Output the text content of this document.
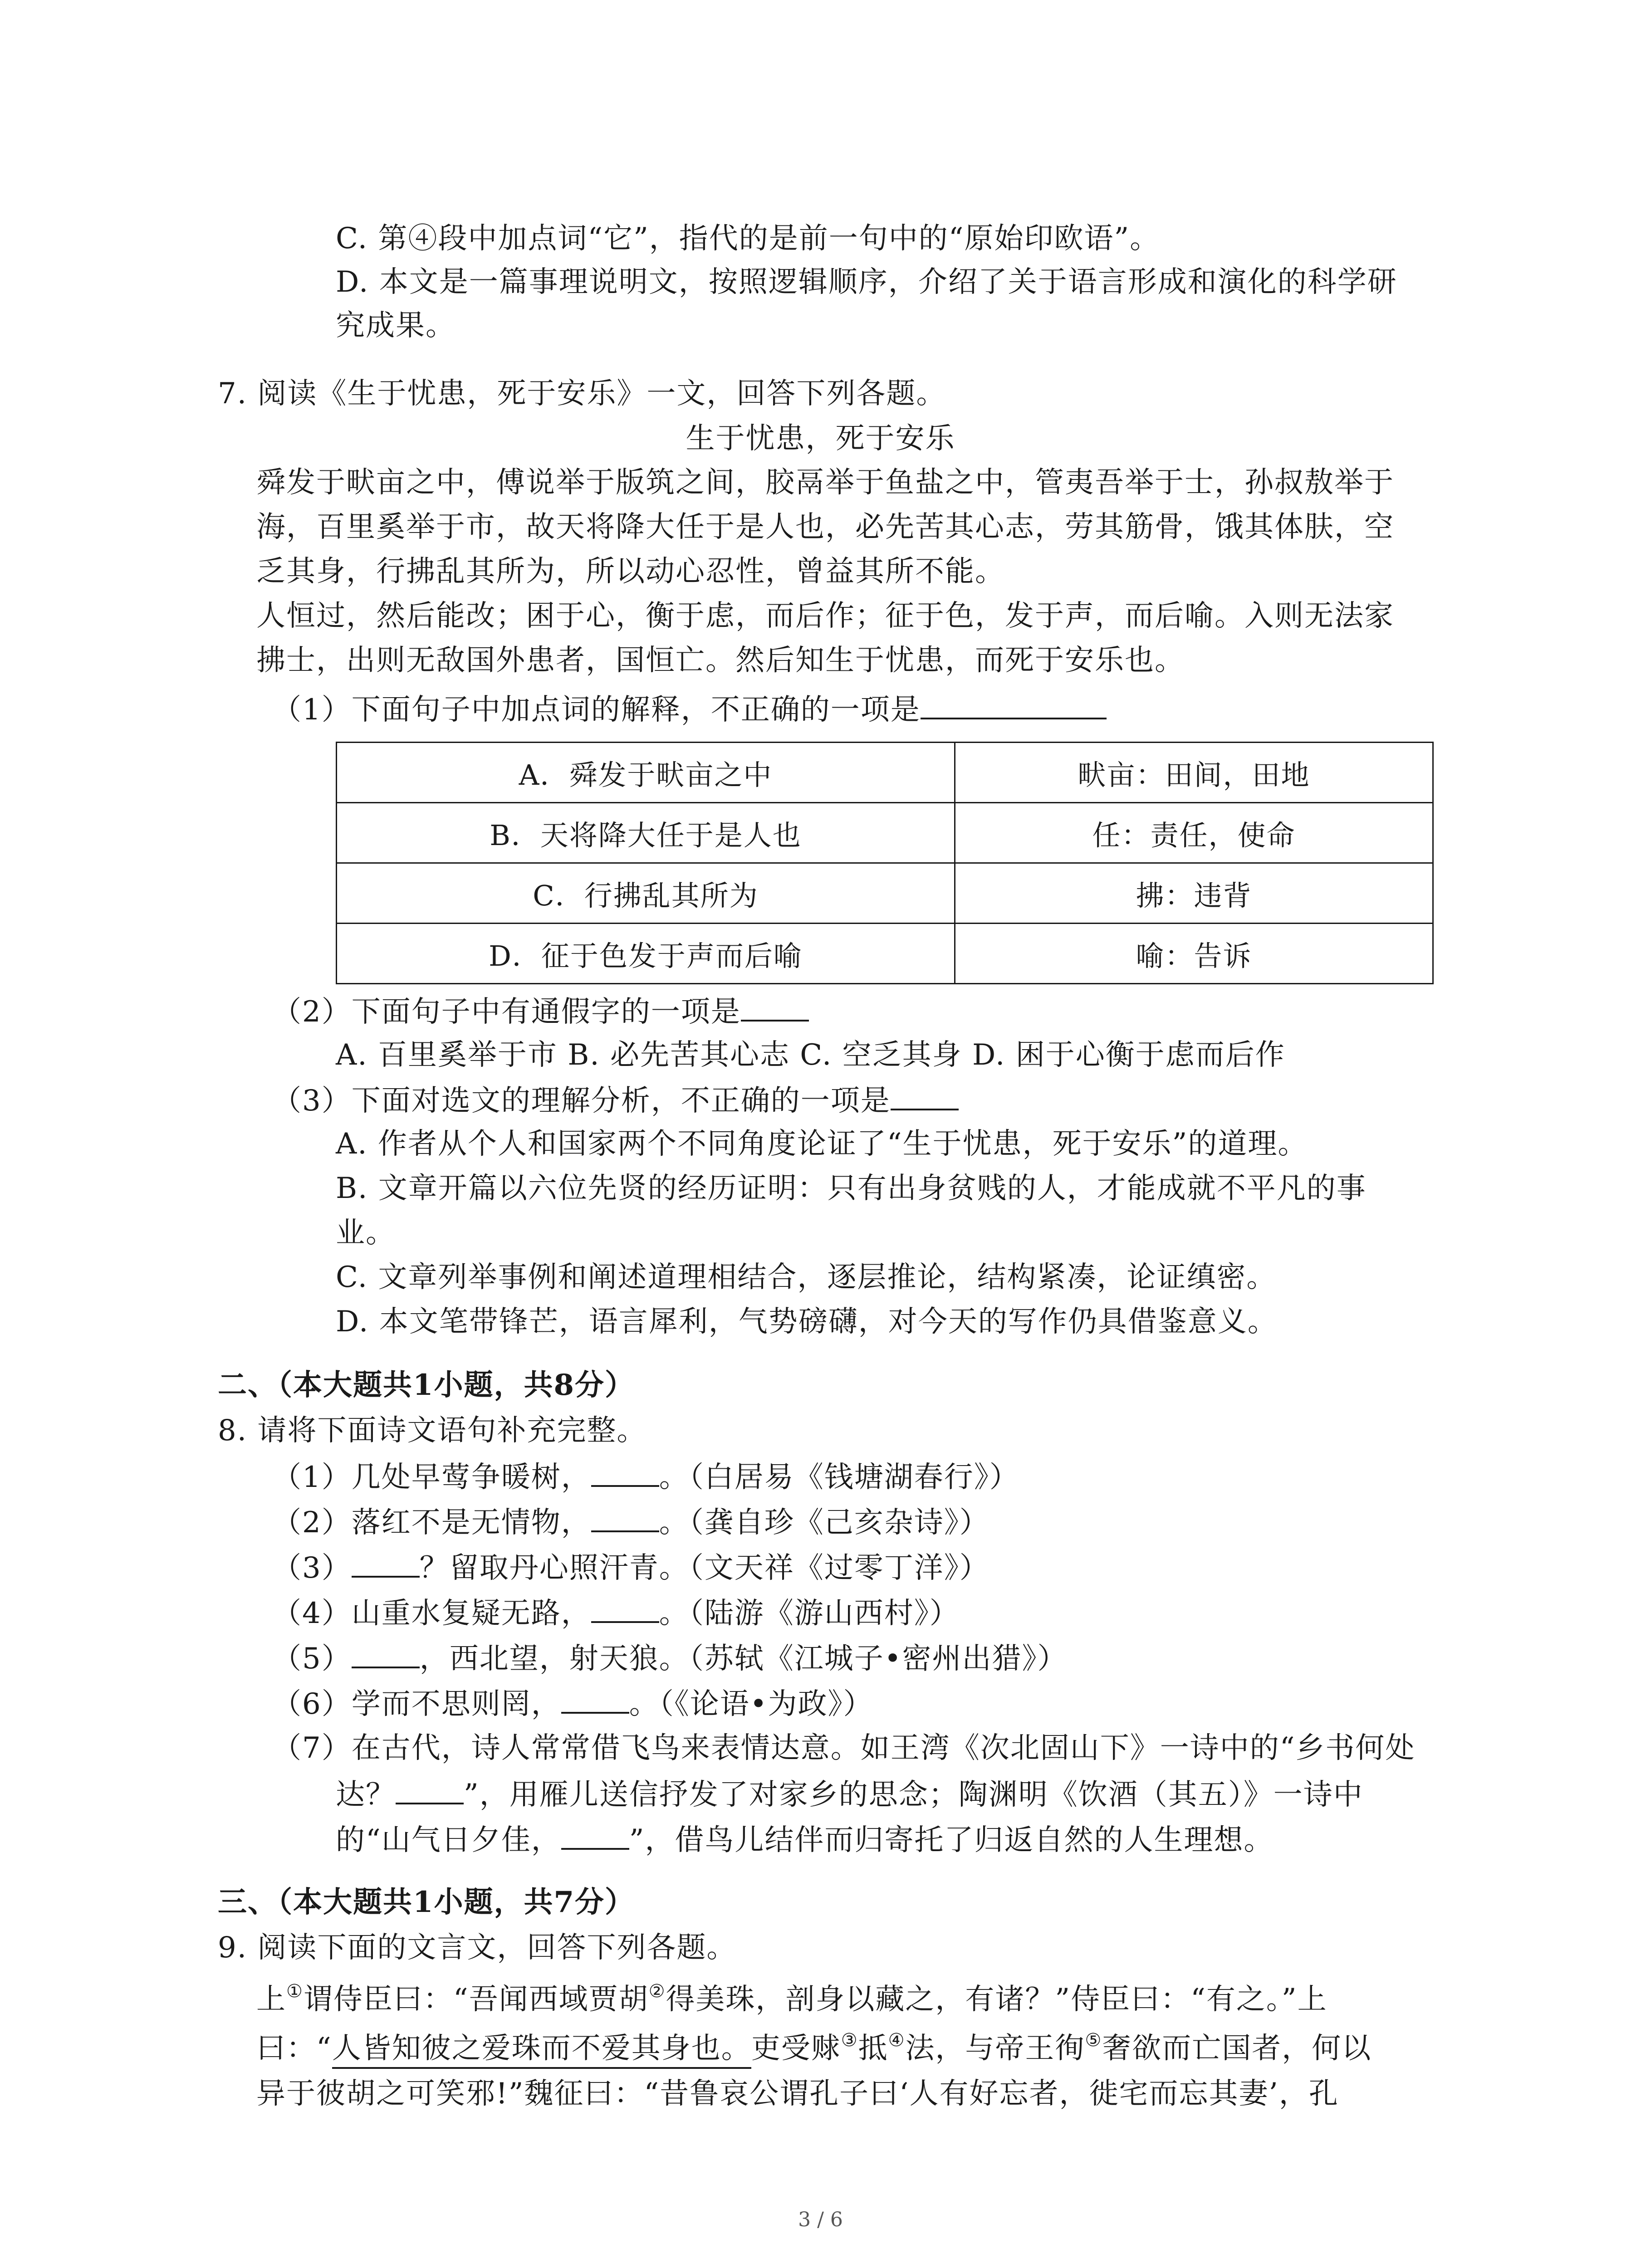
C. 第④段中加点词“它”，指代的是前一句中的“原始印欧语”。
D. 本文是一篇事理说明文，按照逻辑顺序，介绍了关于语言形成和演化的科学研
究成果。
7. 阅读《生于忧患，死于安乐》一文，回答下列各题。
生于忧患，死于安乐
舜发于畎亩之中，傅说举于版筑之间，胶鬲举于鱼盐之中，管夷吾举于士，孙叔敖举于
海，百里奚举于市，故天将降大任于是人也，必先苦其心志，劳其筋骨，饿其体肤，空
乏其身，行拂乱其所为，所以动心忍性，曾益其所不能。
人恒过，然后能改；困于心，衡于虑，而后作；征于色，发于声，而后喻。入则无法家
拂士，出则无敌国外患者，国恒亡。然后知生于忧患，而死于安乐也。
（1）下面句子中加点词的解释，不正确的一项是
A．舜发于畎亩之中	畎亩：田间，田地
B．天将降大任于是人也	任：责任，使命
C．行拂乱其所为	拂：违背
D．征于色发于声而后喻	喻：告诉
（2）下面句子中有通假字的一项是
A. 百里奚举于市 B. 必先苦其心志 C. 空乏其身 D. 困于心衡于虑而后作
（3）下面对选文的理解分析，不正确的一项是
A. 作者从个人和国家两个不同角度论证了“生于忧患，死于安乐”的道理。
B. 文章开篇以六位先贤的经历证明：只有出身贫贱的人，才能成就不平凡的事
业。
C. 文章列举事例和阐述道理相结合，逐层推论，结构紧凑，论证缜密。
D. 本文笔带锋芒，语言犀利，气势磅礴，对今天的写作仍具借鉴意义。
二、（本大题共1小题，共8分）
8. 请将下面诗文语句补充完整。
（1）几处早莺争暖树， 。（白居易《钱塘湖春行》）
（2）落红不是无情物， 。（龚自珍《己亥杂诗》）
（3） ？留取丹心照汗青。（文天祥《过零丁洋》）
（4）山重水复疑无路， 。（陆游《游山西村》）
（5） ，西北望，射天狼。（苏轼《江城子•密州出猎》）
（6）学而不思则罔， 。（《论语•为政》）
（7）在古代，诗人常常借飞鸟来表情达意。如王湾《次北固山下》一诗中的“乡书何处
达？ ”，用雁儿送信抒发了对家乡的思念；陶渊明《饮酒（其五）》一诗中
的“山气日夕佳， ”，借鸟儿结伴而归寄托了归返自然的人生理想。
三、（本大题共1小题，共7分）
9. 阅读下面的文言文，回答下列各题。
上①谓侍臣曰：“吾闻西域贾胡②得美珠，剖身以藏之，有诸？”侍臣曰：“有之。”上
曰：“人皆知彼之爱珠而不爱其身也。吏受赇③抵④法，与帝王徇⑤奢欲而亡国者，何以
异于彼胡之可笑邪!”魏征曰：“昔鲁哀公谓孔子曰‘人有好忘者，徙宅而忘其妻’，孔
3 / 6
